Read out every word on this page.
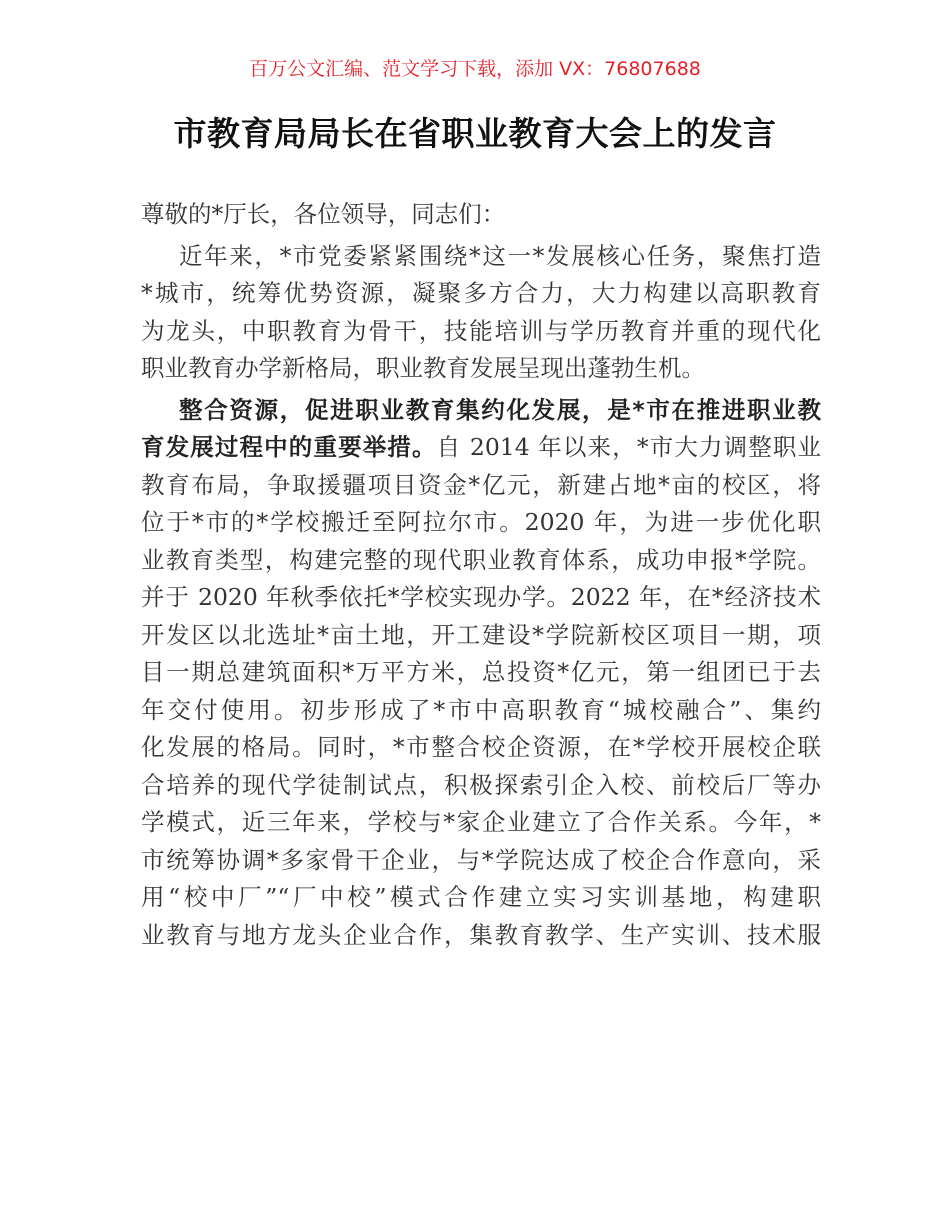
百万公文汇编、范文学习下载，添加 VX：76807688
市教育局局长在省职业教育大会上的发言
尊敬的*厅长，各位领导，同志们：
近年来，*市党委紧紧围绕*这一*发展核心任务，聚焦打造
*城市，统筹优势资源，凝聚多方合力，大力构建以高职教育
为龙头，中职教育为骨干，技能培训与学历教育并重的现代化
职业教育办学新格局，职业教育发展呈现出蓬勃生机。
整合资源，促进职业教育集约化发展，是*市在推进职业教
育发展过程中的重要举措。自 2014 年以来，*市大力调整职业
教育布局，争取援疆项目资金*亿元，新建占地*亩的校区，将
位于*市的*学校搬迁至阿拉尔市。2020 年，为进一步优化职
业教育类型，构建完整的现代职业教育体系，成功申报*学院。
并于 2020 年秋季依托*学校实现办学。2022 年，在*经济技术
开发区以北选址*亩土地，开工建设*学院新校区项目一期，项
目一期总建筑面积*万平方米，总投资*亿元，第一组团已于去
年交付使用。初步形成了*市中高职教育“城校融合”、集约
化发展的格局。同时，*市整合校企资源，在*学校开展校企联
合培养的现代学徒制试点，积极探索引企入校、前校后厂等办
学模式，近三年来，学校与*家企业建立了合作关系。今年，*
市统筹协调*多家骨干企业，与*学院达成了校企合作意向，采
用“校中厂”“厂中校”模式合作建立实习实训基地，构建职
业教育与地方龙头企业合作，集教育教学、生产实训、技术服
